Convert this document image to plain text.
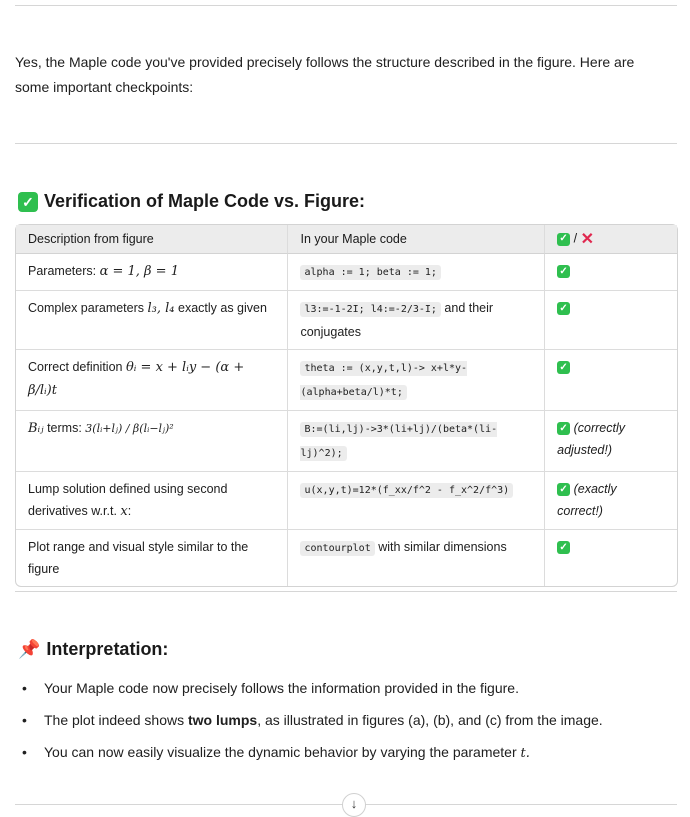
Yes, the Maple code you've provided precisely follows the structure described in the figure. Here are some important checkpoints:
✓ Verification of Maple Code vs. Figure:
Description from figure	In your Maple code	✓ / ✕
Parameters: α = 1, β = 1	alpha := 1; beta := 1;	✓
Complex parameters l₃, l₄ exactly as given	l3:=-1-2I; l4:=-2/3-I; and their conjugates	✓
Correct definition θᵢ = x + lᵢy − (α + β/lᵢ)t	theta := (x,y,t,l)-> x+l*y-(alpha+beta/l)*t;	✓
Bᵢⱼ terms: 3(lᵢ+lⱼ) / β(lᵢ−lⱼ)²	B:=(li,lj)->3*(li+lj)/(beta*(li-lj)^2);	✓ (correctly adjusted!)
Lump solution defined using second derivatives w.r.t. x:	u(x,y,t)=12*(f_xx/f^2 - f_x^2/f^3)	✓ (exactly correct!)
Plot range and visual style similar to the figure	contourplot with similar dimensions	✓
📌 Interpretation:
• Your Maple code now precisely follows the information provided in the figure.
• The plot indeed shows two lumps, as illustrated in figures (a), (b), and (c) from the image.
• You can now easily visualize the dynamic behavior by varying the parameter t.
↓
